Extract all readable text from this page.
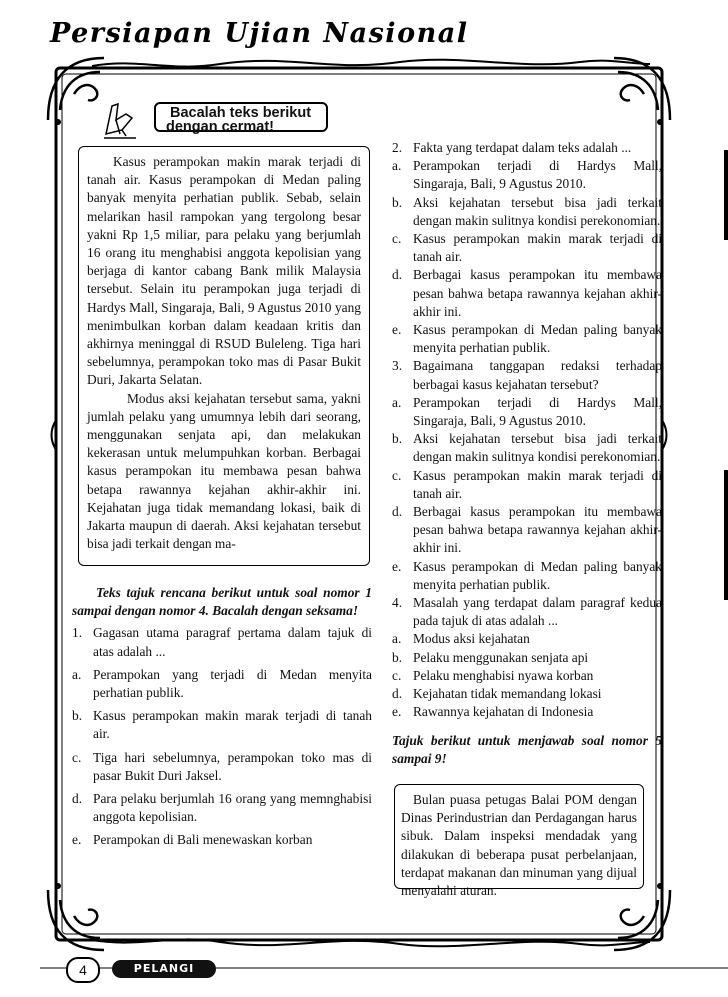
Persiapan Ujian Nasional
Bacalah teks berikut
dengan cermat!

Kasus perampokan makin marak terjadi di tanah air. Kasus perampokan di Medan paling banyak menyita perhatian publik. Sebab, selain melarikan hasil rampokan yang tergolong besar yakni Rp 1,5 miliar, para pelaku yang berjumlah 16 orang itu menghabisi anggota kepolisian yang berjaga di kantor cabang Bank milik Malaysia tersebut. Selain itu perampokan juga terjadi di Hardys Mall, Singaraja, Bali, 9 Agustus 2010 yang menimbulkan korban dalam keadaan kritis dan akhirnya meninggal di RSUD Buleleng. Tiga hari sebelumnya, perampokan toko mas di Pasar Bukit Duri, Jakarta Selatan.

Modus aksi kejahatan tersebut sama, yakni jumlah pelaku yang umumnya lebih dari seorang, menggunakan senjata api, dan melakukan kekerasan untuk melumpuhkan korban. Berbagai kasus perampokan itu membawa pesan bahwa betapa rawannya kejahan akhir-akhir ini. Kejahatan juga tidak memandang lokasi, baik di Jakarta maupun di daerah. Aksi kejahatan tersebut bisa jadi terkait dengan ma-

Teks tajuk rencana berikut untuk soal nomor 1 sampai dengan nomor 4. Bacalah dengan seksama!

1. Gagasan utama paragraf pertama dalam tajuk di atas adalah ...

a. Perampokan yang terjadi di Medan menyita perhatian publik.

b. Kasus perampokan makin marak terjadi di tanah air.

c. Tiga hari sebelumnya, perampokan toko mas di pasar Bukit Duri Jaksel.

d. Para pelaku berjumlah 16 orang yang memnghabisi anggota kepolisian.

e. Perampokan di Bali menewaskan korban

2. Fakta yang terdapat dalam teks adalah ...

a. Perampokan terjadi di Hardys Mall, Singaraja, Bali, 9 Agustus 2010.

b. Aksi kejahatan tersebut bisa jadi terkait dengan makin sulitnya kondisi perekonomian.

c. Kasus perampokan makin marak terjadi di tanah air.

d. Berbagai kasus perampokan itu membawa pesan bahwa betapa rawannya kejahan akhir-akhir ini.

e. Kasus perampokan di Medan paling banyak menyita perhatian publik.

3. Bagaimana tanggapan redaksi terhadap berbagai kasus kejahatan tersebut?

a. Perampokan terjadi di Hardys Mall, Singaraja, Bali, 9 Agustus 2010.

b. Aksi kejahatan tersebut bisa jadi terkait dengan makin sulitnya kondisi perekonomian.

c. Kasus perampokan makin marak terjadi di tanah air.

d. Berbagai kasus perampokan itu membawa pesan bahwa betapa rawannya kejahan akhir-akhir ini.

e. Kasus perampokan di Medan paling banyak menyita perhatian publik.

4. Masalah yang terdapat dalam paragraf kedua pada tajuk di atas adalah ...

a. Modus aksi kejahatan

b. Pelaku menggunakan senjata api

c. Pelaku menghabisi nyawa korban

d. Kejahatan tidak memandang lokasi

e. Rawannya kejahatan di Indonesia

Tajuk berikut untuk menjawab soal nomor 5 sampai 9!

Bulan puasa petugas Balai POM dengan Dinas Perindustrian dan Perdagangan harus sibuk. Dalam inspeksi mendadak yang dilakukan di beberapa pusat perbelanjaan, terdapat makanan dan minuman yang dijual menyalahi aturan.

4	PELANGI
